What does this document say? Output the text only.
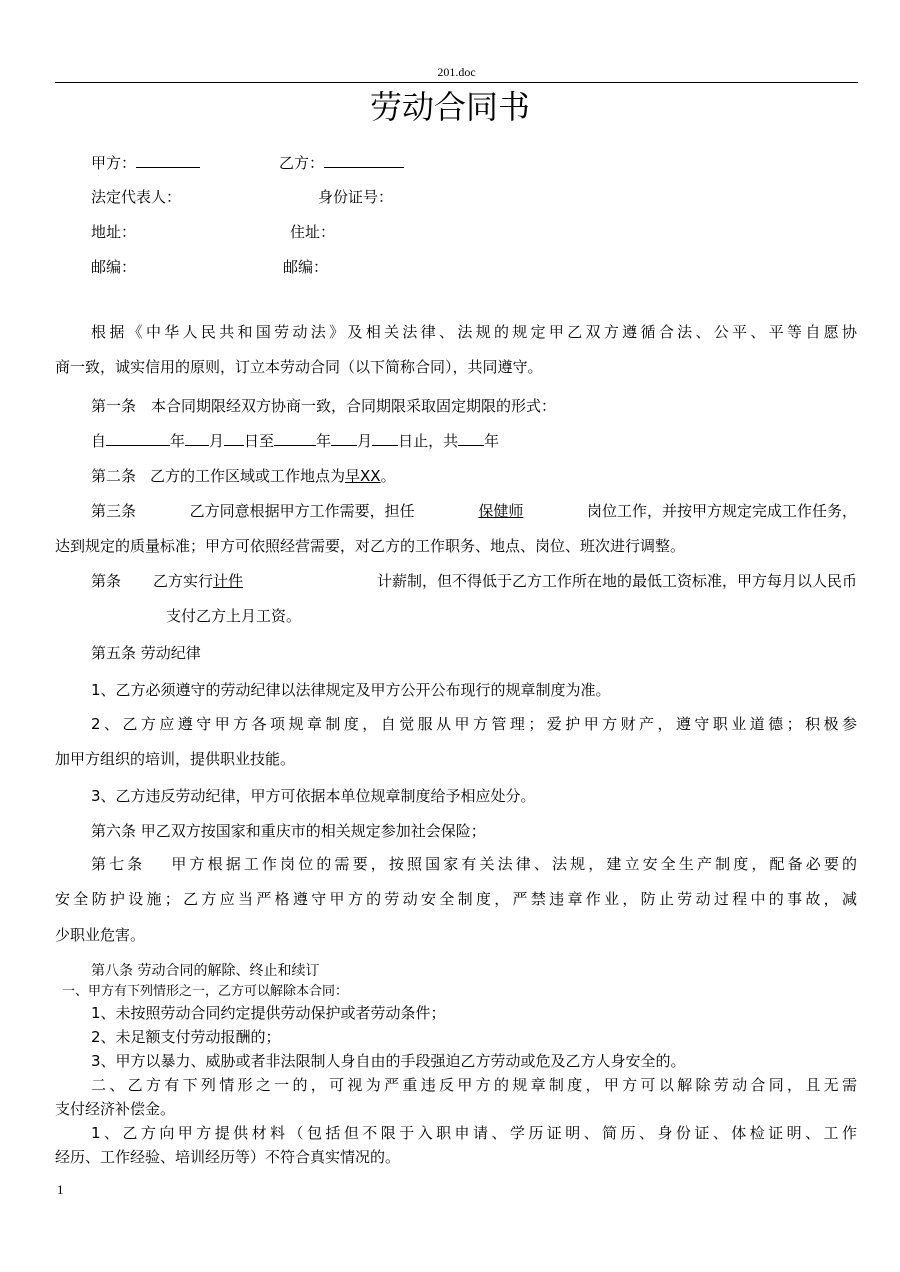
201.doc
劳动合同书
甲方：	乙方：
法定代表人：	身份证号：
地址：	住址：
邮编：	邮编：
根据《中华人民共和国劳动法》及相关法律、法规的规定甲乙双方遵循合法、公平、平等自愿协
商一致，诚实信用的原则，订立本劳动合同（以下简称合同），共同遵守。
第一条　本合同期限经双方协商一致，合同期限采取固定期限的形式：
自	年 月 日至	年 月 日止，共 年
第二条 乙方的工作区域或工作地点为早XX。
第三条	乙方同意根据甲方工作需要，担任	保健师	岗位工作，并按甲方规定完成工作任务，
达到规定的质量标准；甲方可依照经营需要，对乙方的工作职务、地点、岗位、班次进行调整。
第条 乙方实行计件	计薪制，但不得低于乙方工作所在地的最低工资标准，甲方每月以人民币
支付乙方上月工资。
第五条 劳动纪律
1、乙方必须遵守的劳动纪律以法律规定及甲方公开公布现行的规章制度为准。
2、乙方应遵守甲方各项规章制度，自觉服从甲方管理；爱护甲方财产，遵守职业道德；积极参
加甲方组织的培训，提供职业技能。
3、乙方违反劳动纪律，甲方可依据本单位规章制度给予相应处分。
第六条 甲乙双方按国家和重庆市的相关规定参加社会保险；
第七条　 甲方根据工作岗位的需要，按照国家有关法律、法规，建立安全生产制度，配备必要的
安全防护设施；乙方应当严格遵守甲方的劳动安全制度，严禁违章作业，防止劳动过程中的事故，减
少职业危害。
第八条 劳动合同的解除、终止和续订
一、甲方有下列情形之一，乙方可以解除本合同：
1、未按照劳动合同约定提供劳动保护或者劳动条件；
2、未足额支付劳动报酬的；
3、甲方以暴力、威胁或者非法限制人身自由的手段强迫乙方劳动或危及乙方人身安全的。
二、乙方有下列情形之一的，可视为严重违反甲方的规章制度，甲方可以解除劳动合同，且无需
支付经济补偿金。
1、乙方向甲方提供材料（包括但不限于入职申请、学历证明、简历、身份证、体检证明、工作
经历、工作经验、培训经历等）不符合真实情况的。
1
